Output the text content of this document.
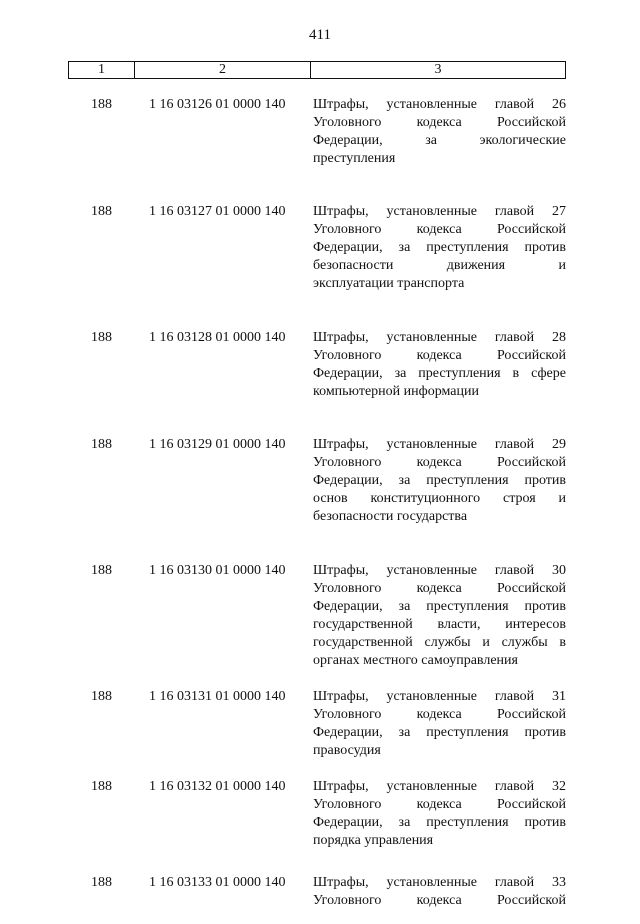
411
1	2	3
188	1 16 03126 01 0000 140	Штрафы, установленные главой 26
Уголовного кодекса Российской
Федерации, за экологические
преступления
188	1 16 03127 01 0000 140	Штрафы, установленные главой 27
Уголовного кодекса Российской
Федерации, за преступления против
безопасности движения и
эксплуатации транспорта
188	1 16 03128 01 0000 140	Штрафы, установленные главой 28
Уголовного кодекса Российской
Федерации, за преступления в сфере
компьютерной информации
188	1 16 03129 01 0000 140	Штрафы, установленные главой 29
Уголовного кодекса Российской
Федерации, за преступления против
основ конституционного строя и
безопасности государства
188	1 16 03130 01 0000 140	Штрафы, установленные главой 30
Уголовного кодекса Российской
Федерации, за преступления против
государственной власти, интересов
государственной службы и службы в
органах местного самоуправления
188	1 16 03131 01 0000 140	Штрафы, установленные главой 31
Уголовного кодекса Российской
Федерации, за преступления против
правосудия
188	1 16 03132 01 0000 140	Штрафы, установленные главой 32
Уголовного кодекса Российской
Федерации, за преступления против
порядка управления
188	1 16 03133 01 0000 140	Штрафы, установленные главой 33
Уголовного кодекса Российской
